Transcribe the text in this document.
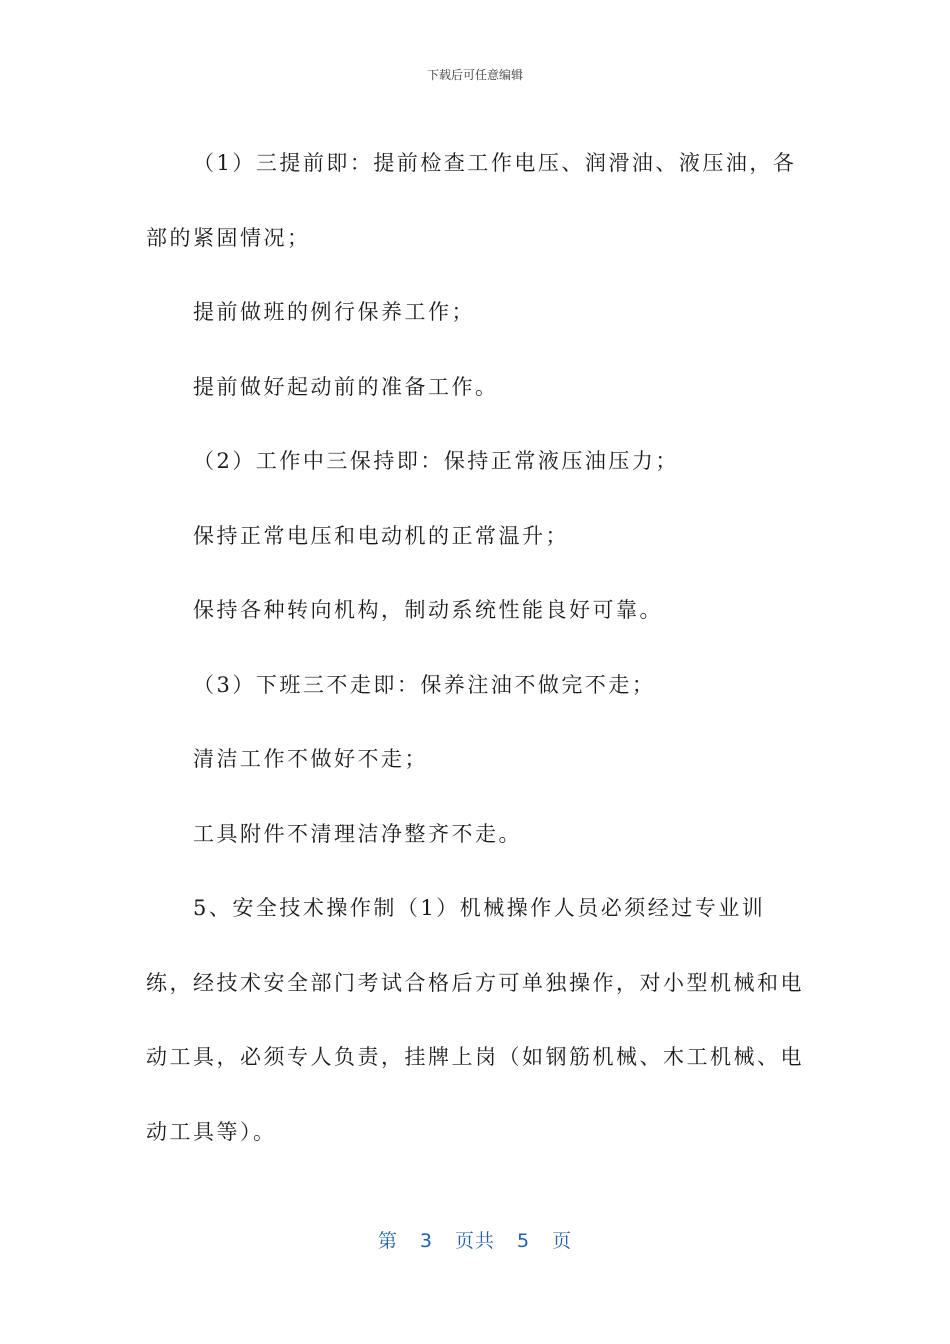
下载后可任意编辑

（1）三提前即：提前检查工作电压、润滑油、液压油，各部的紧固情况；

提前做班的例行保养工作；

提前做好起动前的准备工作。

（2）工作中三保持即：保持正常液压油压力；

保持正常电压和电动机的正常温升；

保持各种转向机构，制动系统性能良好可靠。

（3）下班三不走即：保养注油不做完不走；

清洁工作不做好不走；

工具附件不清理洁净整齐不走。

5、安全技术操作制（1）机械操作人员必须经过专业训练，经技术安全部门考试合格后方可单独操作，对小型机械和电动工具，必须专人负责，挂牌上岗（如钢筋机械、木工机械、电动工具等）。

第 3 页共 5 页
